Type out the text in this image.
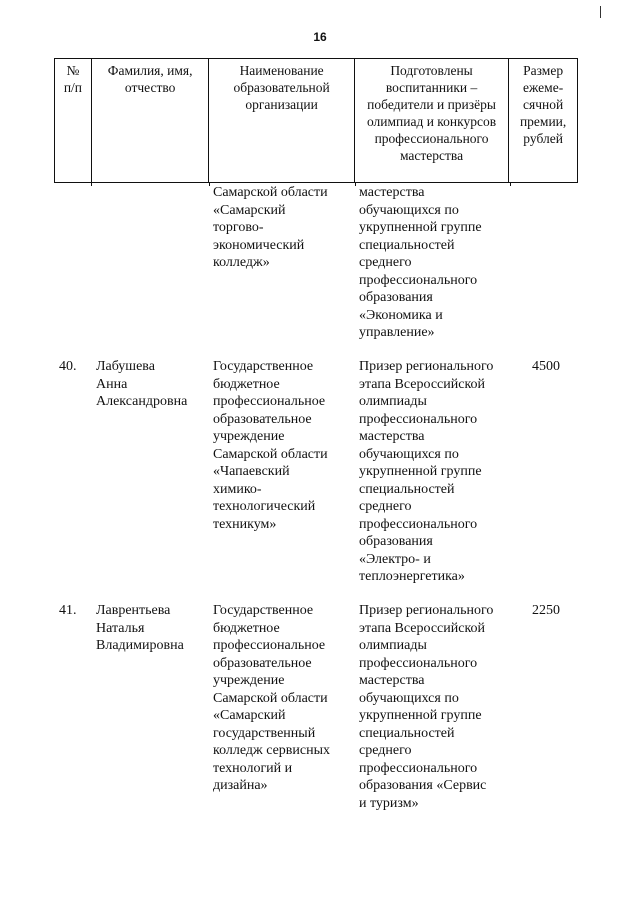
16
№
п/п
Фамилия, имя,
отчество
Наименование
образовательной
организации
Подготовлены
воспитанники –
победители и призёры
олимпиад и конкурсов
профессионального
мастерства
Размер
ежеме-
сячной
премии,
рублей
Самарской области
«Самарский
торгово-
экономический
колледж»
мастерства
обучающихся по
укрупненной группе
специальностей
среднего
профессионального
образования
«Экономика и
управление»
40.	Лабушева
Анна
Александровна
Государственное
бюджетное
профессиональное
образовательное
учреждение
Самарской области
«Чапаевский
химико-
технологический
техникум»
Призер регионального
этапа Всероссийской
олимпиады
профессионального
мастерства
обучающихся по
укрупненной группе
специальностей
среднего
профессионального
образования
«Электро- и
теплоэнергетика»
4500
41.	Лаврентьева
Наталья
Владимировна
Государственное
бюджетное
профессиональное
образовательное
учреждение
Самарской области
«Самарский
государственный
колледж сервисных
технологий и
дизайна»
Призер регионального
этапа Всероссийской
олимпиады
профессионального
мастерства
обучающихся по
укрупненной группе
специальностей
среднего
профессионального
образования «Сервис
и туризм»
2250
